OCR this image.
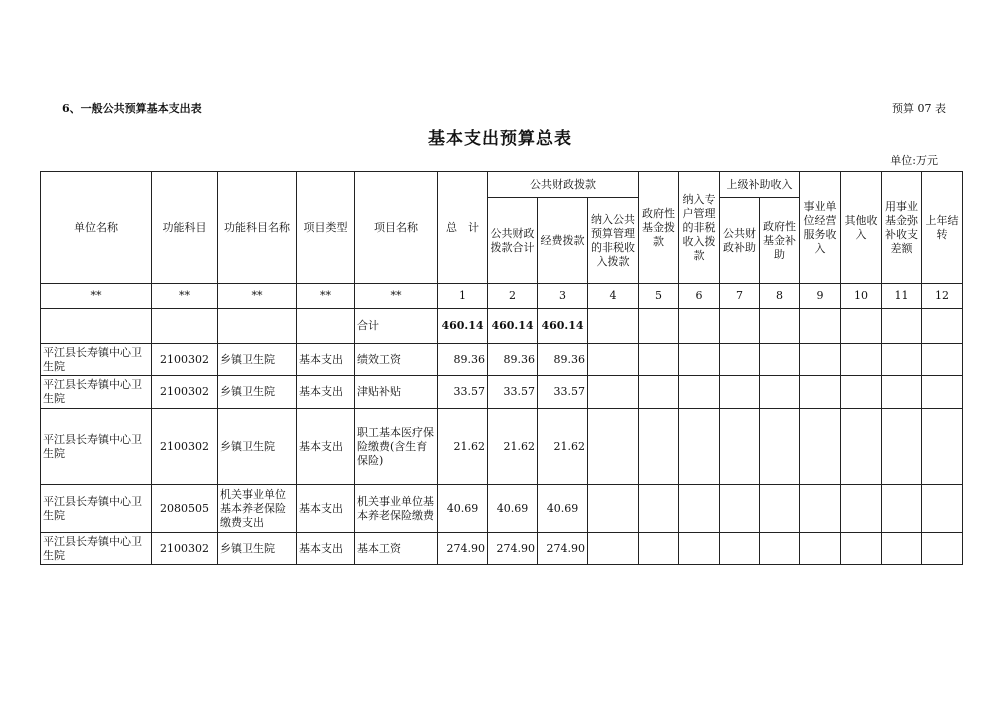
6、一般公共预算基本支出表	预算 07 表
基本支出预算总表
单位:万元
单位名称	功能科目	功能科目名称	项目类型	项目名称	总　计	公共财政拨款			政府性基金拨款	纳入专户管理的非税收入拨款	上级补助收入		事业单位经营服务收入	其他收入	用事业基金弥补收支差额	上年结转
						公共财政拨款合计	经费拨款	纳入公共预算管理的非税收入拨款			公共财政补助	政府性基金补助				
**	**	**	**	**	1	2	3	4	5	6	7	8	9	10	11	12
				合计	460.14	460.14	460.14									
平江县长寿镇中心卫生院	2100302	乡镇卫生院	基本支出	绩效工资	89.36	89.36	89.36									
平江县长寿镇中心卫生院	2100302	乡镇卫生院	基本支出	津贴补贴	33.57	33.57	33.57									
平江县长寿镇中心卫生院	2100302	乡镇卫生院	基本支出	职工基本医疗保险缴费(含生育保险)	21.62	21.62	21.62									
平江县长寿镇中心卫生院	2080505	机关事业单位基本养老保险缴费支出	基本支出	机关事业单位基本养老保险缴费	40.69	40.69	40.69									
平江县长寿镇中心卫生院	2100302	乡镇卫生院	基本支出	基本工资	274.90	274.90	274.90									
